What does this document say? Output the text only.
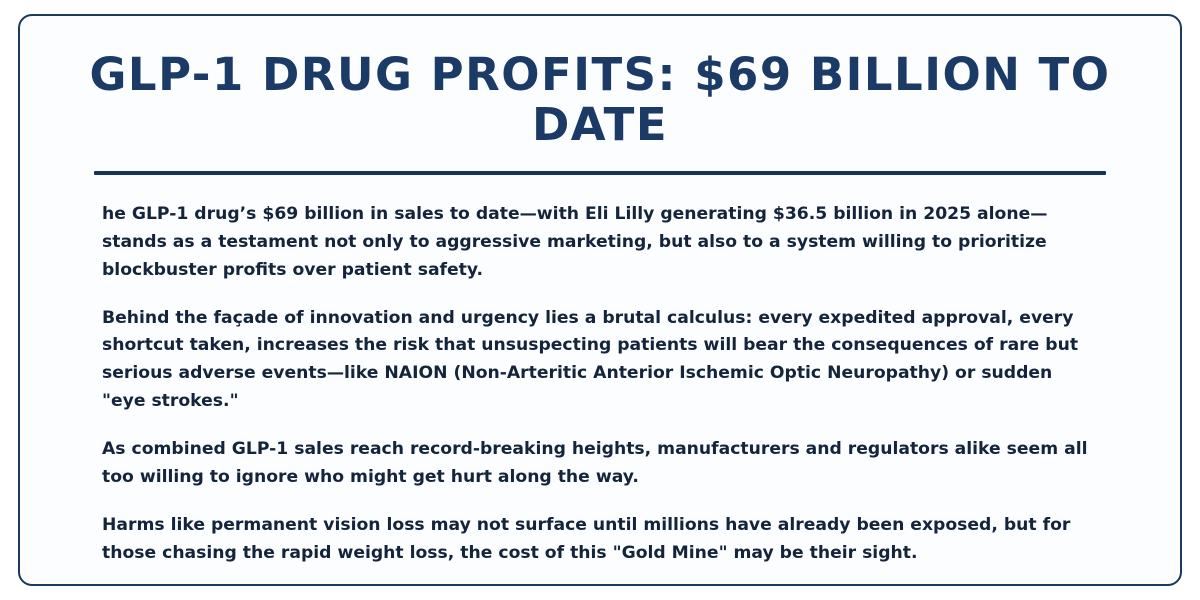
GLP-1 DRUG PROFITS: $69 BILLION TO DATE

he GLP-1 drug’s $69 billion in sales to date—with Eli Lilly generating $36.5 billion in 2025 alone—stands as a testament not only to aggressive marketing, but also to a system willing to prioritize blockbuster profits over patient safety.

Behind the façade of innovation and urgency lies a brutal calculus: every expedited approval, every shortcut taken, increases the risk that unsuspecting patients will bear the consequences of rare but serious adverse events—like NAION (Non-Arteritic Anterior Ischemic Optic Neuropathy) or sudden "eye strokes."

As combined GLP-1 sales reach record-breaking heights, manufacturers and regulators alike seem all too willing to ignore who might get hurt along the way.

Harms like permanent vision loss may not surface until millions have already been exposed, but for those chasing the rapid weight loss, the cost of this "Gold Mine" may be their sight.
